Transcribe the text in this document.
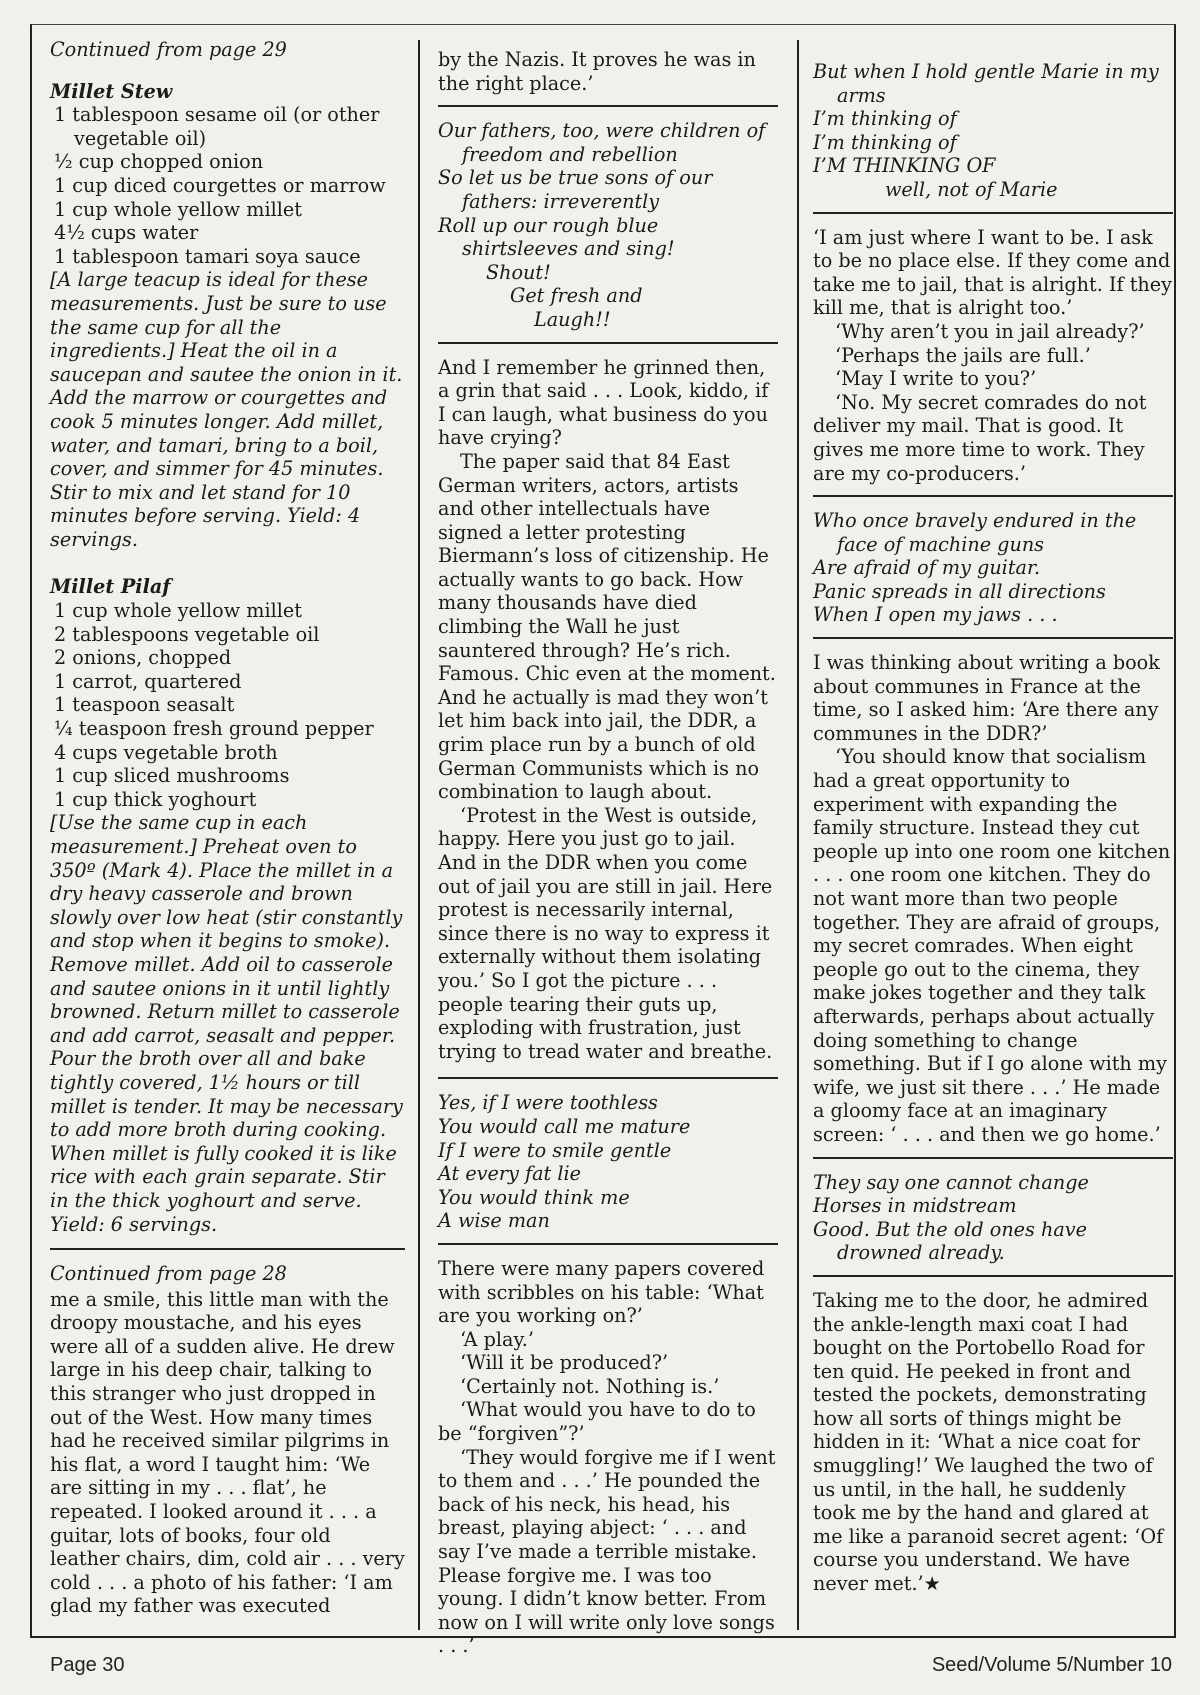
Continued from page 29
Millet Stew
1 tablespoon sesame oil (or other vegetable oil)
½ cup chopped onion
1 cup diced courgettes or marrow
1 cup whole yellow millet
4½ cups water
1 tablespoon tamari soya sauce
[A large teacup is ideal for these measurements. Just be sure to use the same cup for all the ingredients.] Heat the oil in a saucepan and sautee the onion in it. Add the marrow or courgettes and cook 5 minutes longer. Add millet, water, and tamari, bring to a boil, cover, and simmer for 45 minutes. Stir to mix and let stand for 10 minutes before serving. Yield: 4 servings.
Millet Pilaf
1 cup whole yellow millet
2 tablespoons vegetable oil
2 onions, chopped
1 carrot, quartered
1 teaspoon seasalt
¼ teaspoon fresh ground pepper
4 cups vegetable broth
1 cup sliced mushrooms
1 cup thick yoghourt
[Use the same cup in each measurement.] Preheat oven to 350º (Mark 4). Place the millet in a dry heavy casserole and brown slowly over low heat (stir constantly and stop when it begins to smoke). Remove millet. Add oil to casserole and sautee onions in it until lightly browned. Return millet to casserole and add carrot, seasalt and pepper. Pour the broth over all and bake tightly covered, 1½ hours or till millet is tender. It may be necessary to add more broth during cooking. When millet is fully cooked it is like rice with each grain separate. Stir in the thick yoghourt and serve. Yield: 6 servings.
Continued from page 28

me a smile, this little man with the droopy moustache, and his eyes were all of a sudden alive. He drew large in his deep chair, talking to this stranger who just dropped in out of the West. How many times had he received similar pilgrims in his flat, a word I taught him: ‘We are sitting in my . . . flat’, he repeated. I looked around it . . . a guitar, lots of books, four old leather chairs, dim, cold air . . . very cold . . . a photo of his father: ‘I am glad my father was executed

by the Nazis. It proves he was in the right place.’

Our fathers, too, were children of freedom and rebellion
So let us be true sons of our fathers: irreverently
Roll up our rough blue shirtsleeves and sing!
Shout!
Get fresh and
Laugh!!

And I remember he grinned then, a grin that said . . . Look, kiddo, if I can laugh, what business do you have crying?

The paper said that 84 East German writers, actors, artists and other intellectuals have signed a letter protesting Biermann’s loss of citizenship. He actually wants to go back. How many thousands have died climbing the Wall he just sauntered through? He’s rich. Famous. Chic even at the moment. And he actually is mad they won’t let him back into jail, the DDR, a grim place run by a bunch of old German Communists which is no combination to laugh about.

‘Protest in the West is outside, happy. Here you just go to jail. And in the DDR when you come out of jail you are still in jail. Here protest is necessarily internal, since there is no way to express it externally without them isolating you.’ So I got the picture . . . people tearing their guts up, exploding with frustration, just trying to tread water and breathe.

Yes, if I were toothless
You would call me mature
If I were to smile gentle
At every fat lie
You would think me
A wise man

There were many papers covered with scribbles on his table: ‘What are you working on?’

‘A play.’

‘Will it be produced?’

‘Certainly not. Nothing is.’

‘What would you have to do to be “forgiven”?’

‘They would forgive me if I went to them and . . .’ He pounded the back of his neck, his head, his breast, playing abject: ‘ . . . and say I’ve made a terrible mistake. Please forgive me. I was too young. I didn’t know better. From now on I will write only love songs . . .’

But when I hold gentle Marie in my arms
I’m thinking of
I’m thinking of
I’M THINKING OF
well, not of Marie

‘I am just where I want to be. I ask to be no place else. If they come and take me to jail, that is alright. If they kill me, that is alright too.’

‘Why aren’t you in jail already?’

‘Perhaps the jails are full.’

‘May I write to you?’

‘No. My secret comrades do not deliver my mail. That is good. It gives me more time to work. They are my co-producers.’

Who once bravely endured in the face of machine guns
Are afraid of my guitar.
Panic spreads in all directions
When I open my jaws . . .

I was thinking about writing a book about communes in France at the time, so I asked him: ‘Are there any communes in the DDR?’

‘You should know that socialism had a great opportunity to experiment with expanding the family structure. Instead they cut people up into one room one kitchen . . . one room one kitchen. They do not want more than two people together. They are afraid of groups, my secret comrades. When eight people go out to the cinema, they make jokes together and they talk afterwards, perhaps about actually doing something to change something. But if I go alone with my wife, we just sit there . . .’ He made a gloomy face at an imaginary screen: ‘ . . . and then we go home.’

They say one cannot change
Horses in midstream
Good. But the old ones have drowned already.

Taking me to the door, he admired the ankle-length maxi coat I had bought on the Portobello Road for ten quid. He peeked in front and tested the pockets, demonstrating how all sorts of things might be hidden in it: ‘What a nice coat for smuggling!’ We laughed the two of us until, in the hall, he suddenly took me by the hand and glared at me like a paranoid secret agent: ‘Of course you understand. We have never met.’★

Page 30	Seed/Volume 5/Number 10
